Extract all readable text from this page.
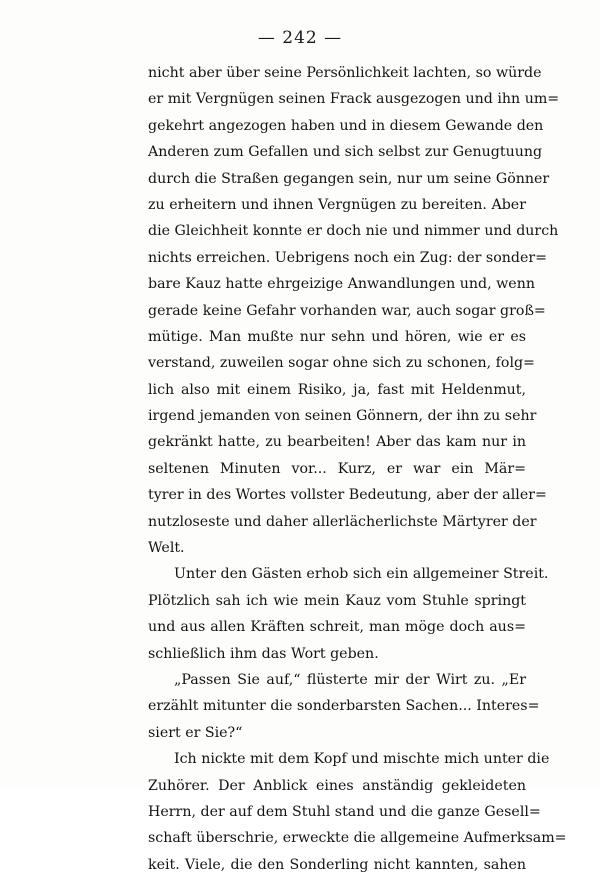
— 242 —
nicht aber über seine Persönlichkeit lachten, so würde
er mit Vergnügen seinen Frack ausgezogen und ihn um=
gekehrt angezogen haben und in diesem Gewande den
Anderen zum Gefallen und sich selbst zur Genugtuung
durch die Straßen gegangen sein, nur um seine Gönner
zu erheitern und ihnen Vergnügen zu bereiten. Aber
die Gleichheit konnte er doch nie und nimmer und durch
nichts erreichen. Uebrigens noch ein Zug: der sonder=
bare Kauz hatte ehrgeizige Anwandlungen und, wenn
gerade keine Gefahr vorhanden war, auch sogar groß=
mütige. Man mußte nur sehn und hören, wie er es
verstand, zuweilen sogar ohne sich zu schonen, folg=
lich also mit einem Risiko, ja, fast mit Heldenmut,
irgend jemanden von seinen Gönnern, der ihn zu sehr
gekränkt hatte, zu bearbeiten! Aber das kam nur in
seltenen Minuten vor... Kurz, er war ein Mär=
tyrer in des Wortes vollster Bedeutung, aber der aller=
nutzloseste und daher allerlächerlichste Märtyrer der
Welt.
Unter den Gästen erhob sich ein allgemeiner Streit.
Plötzlich sah ich wie mein Kauz vom Stuhle springt
und aus allen Kräften schreit, man möge doch aus=
schließlich ihm das Wort geben.
„Passen Sie auf,“ flüsterte mir der Wirt zu. „Er
erzählt mitunter die sonderbarsten Sachen... Interes=
siert er Sie?“
Ich nickte mit dem Kopf und mischte mich unter die
Zuhörer. Der Anblick eines anständig gekleideten
Herrn, der auf dem Stuhl stand und die ganze Gesell=
schaft überschrie, erweckte die allgemeine Aufmerksam=
keit. Viele, die den Sonderling nicht kannten, sahen
